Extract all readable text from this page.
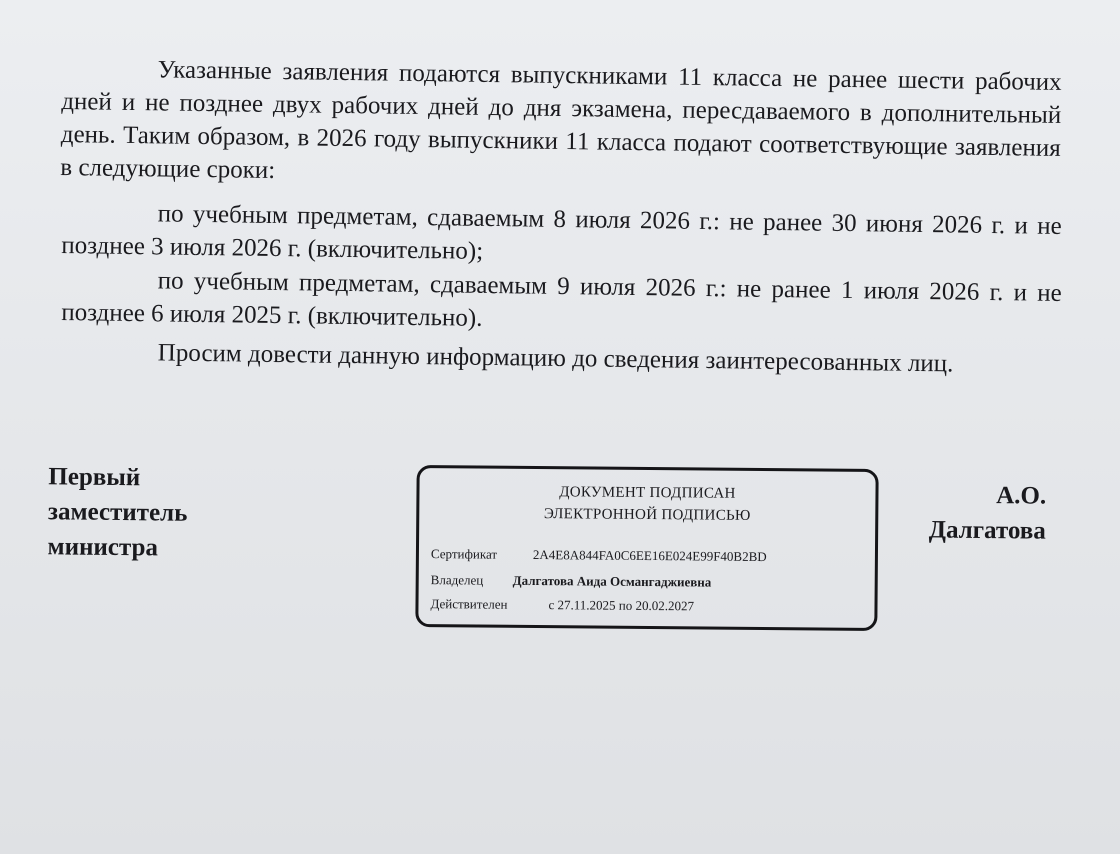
Указанные заявления подаются выпускниками 11 класса не ранее шести рабочих дней и не позднее двух рабочих дней до дня экзамена, пересдаваемого в дополнительный день. Таким образом, в 2026 году выпускники 11 класса подают соответствующие заявления в следующие сроки:
по учебным предметам, сдаваемым 8 июля 2026 г.: не ранее 30 июня 2026 г. и не позднее 3 июля 2026 г. (включительно);
по учебным предметам, сдаваемым 9 июля 2026 г.: не ранее 1 июля 2026 г. и не позднее 6 июля 2025 г. (включительно).
Просим довести данную информацию до сведения заинтересованных лиц.
Первый
заместитель
министра
ДОКУМЕНТ ПОДПИСАН
ЭЛЕКТРОННОЙ ПОДПИСЬЮ
Сертификат	2A4E8A844FA0C6EE16E024E99F40B2BD
Владелец Далгатова Аида Османгаджиевна
Действителен	с 27.11.2025 по 20.02.2027
А.О.
Далгатова
